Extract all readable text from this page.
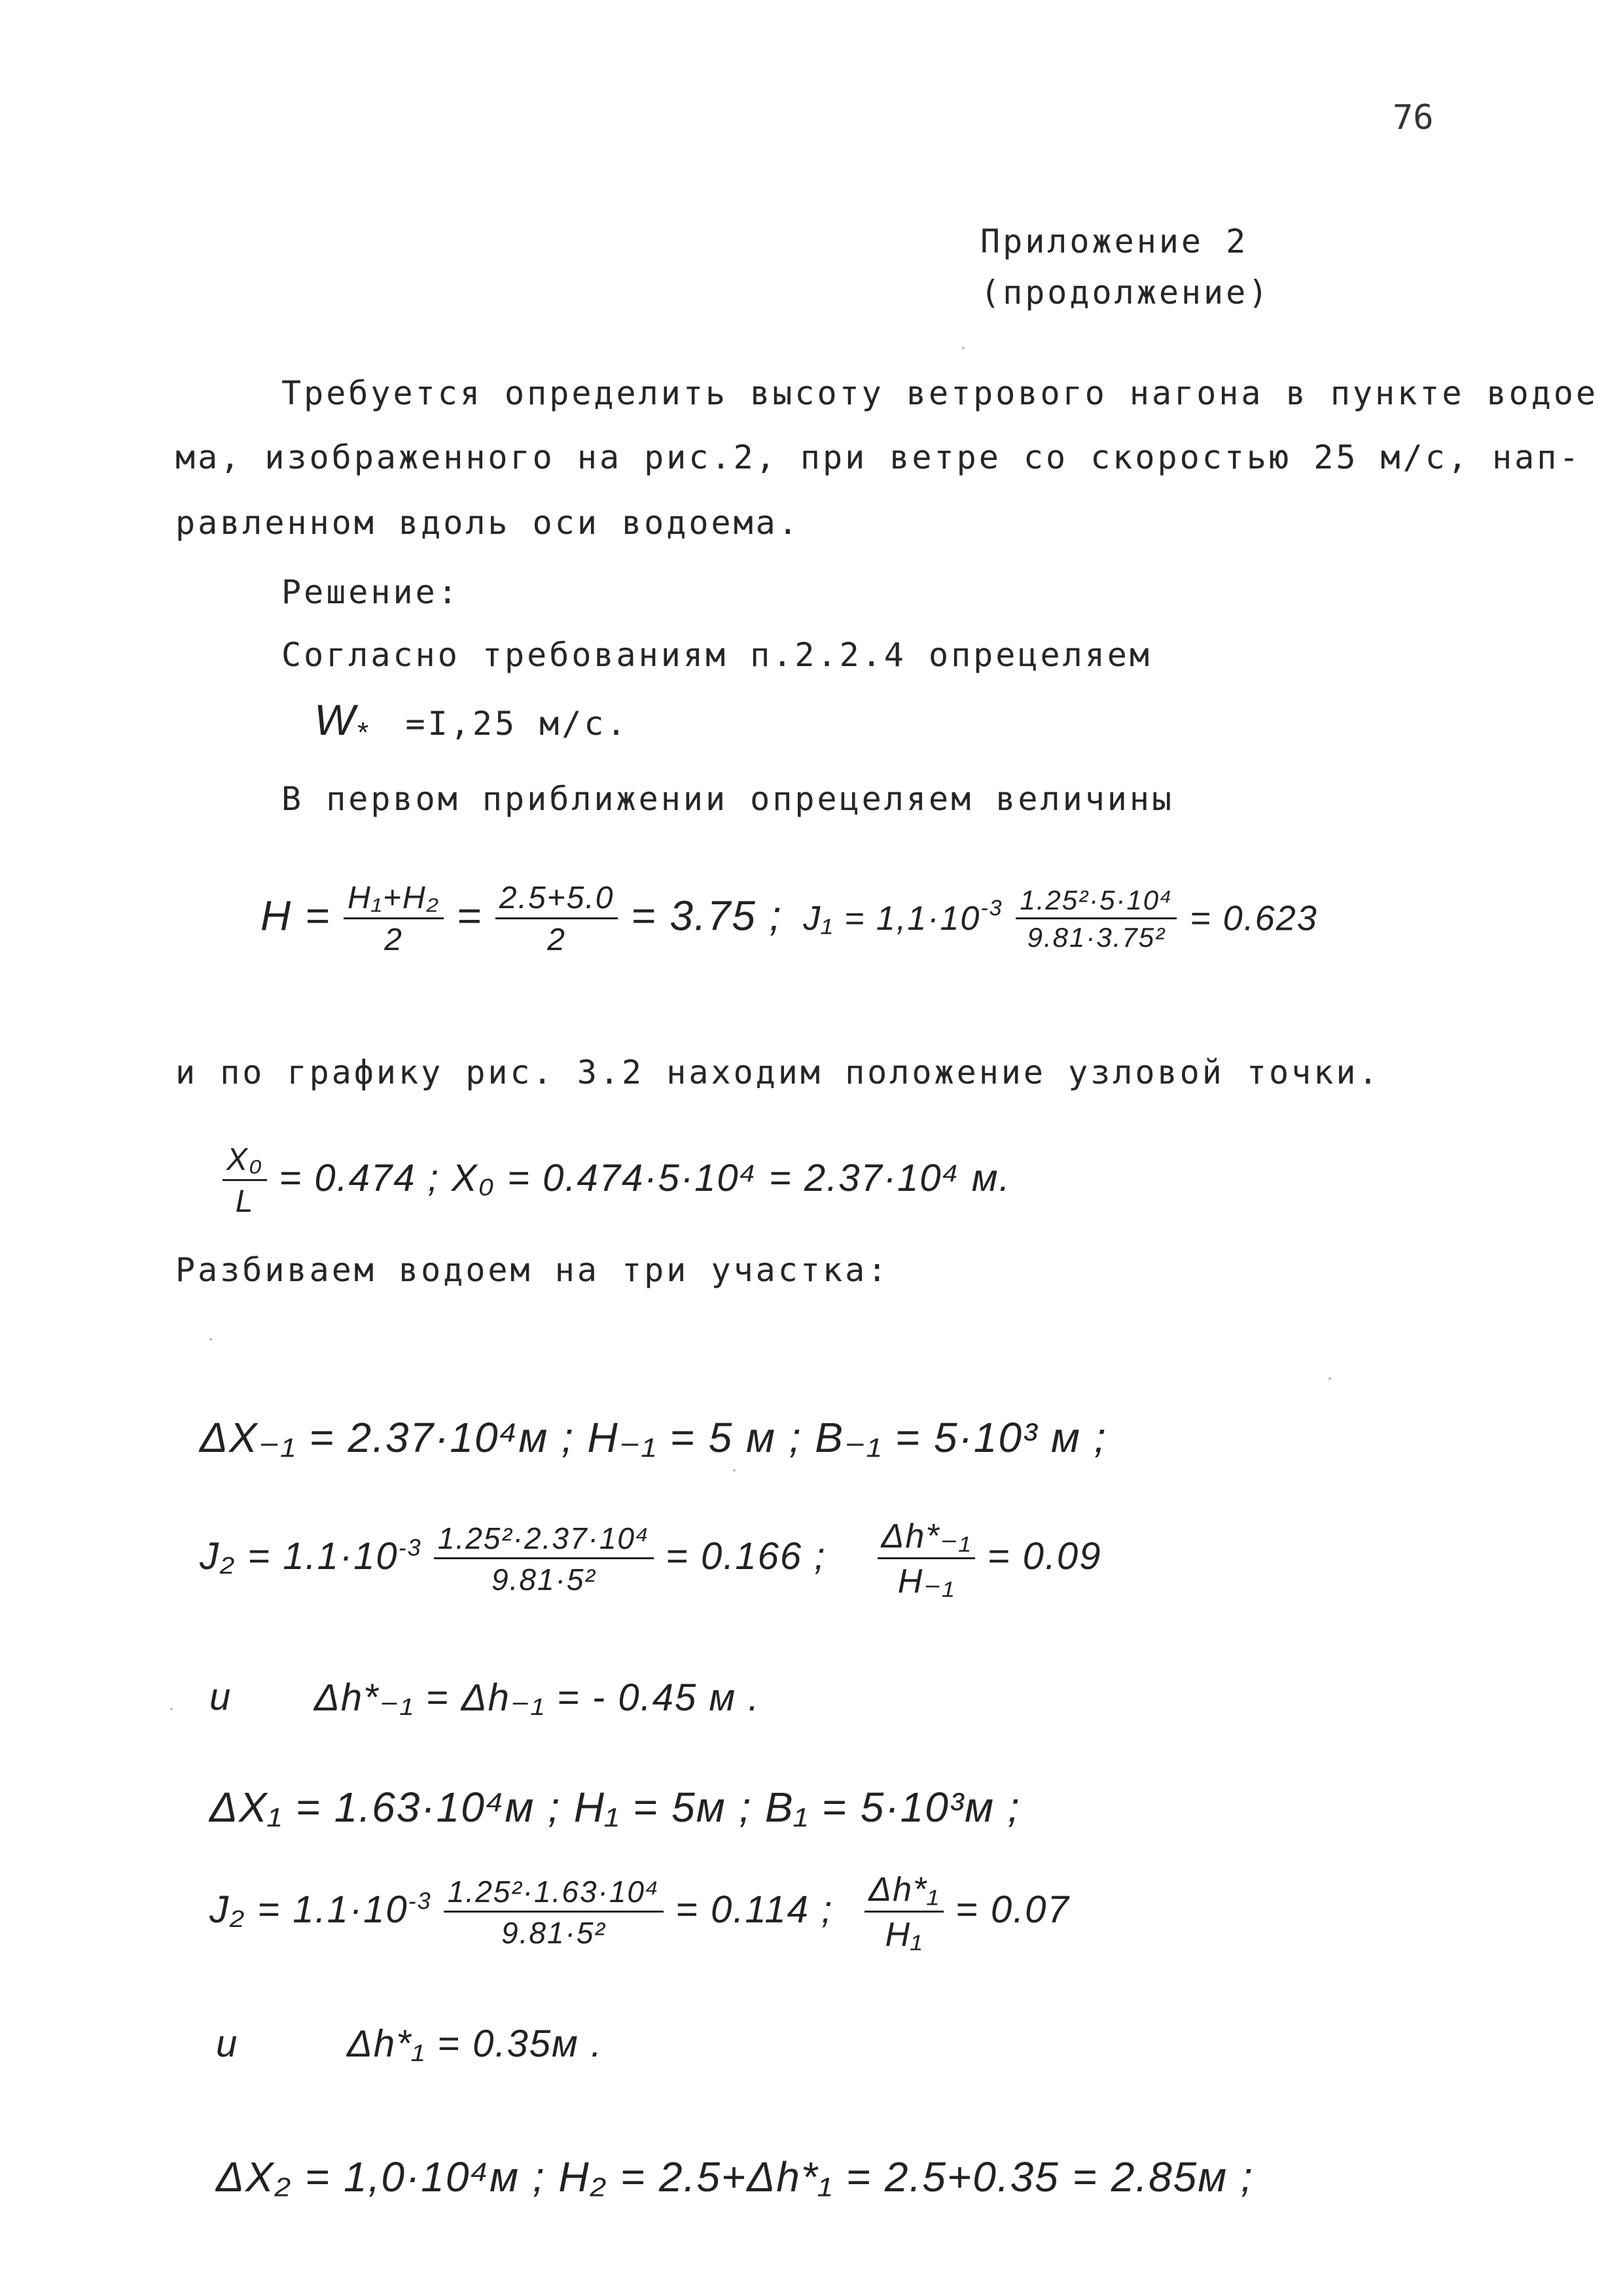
76
Приложение 2
(продолжение)
Требуется определить высоту ветрового нагона в пункте водое
ма, изображенного на рис.2, при ветре со скоростью 25 м/с, нап-
равленном вдоль оси водоема.
Решение:
Согласно требованиям п.2.2.4 опрецеляем
$W_* =I,25$ м/с.
В первом приближении опрецеляем величины
$H = \frac{\text{H₁+H₂}}{2} = \frac{2.5+5.0}{2} = 3.75$ ; $J_1 = 1,1\cdot 10^{-3} \frac{\text{1.25²·5·10⁴}}{\text{9.81·3.75²}} = 0.623$
и по графику рис. 3.2 находим положение узловой точки.
$\frac{\text{X₀}}{L} = 0.474$ ; X₀ = 0.474·5·10⁴ = 2.37·10⁴ м.
Разбиваем водоем на три участка:
ΔX₋₁ = 2.37·10⁴м ; H₋₁ = 5 м ; B₋₁ = 5·10³ м ;
$J_2 = 1.1\cdot 10^{-3} \frac{\text{1.25²·2.37·10⁴}}{\text{9.81·5²}} = 0.166$ ; $\frac{\text{Δh*₋₁}}{\text{H₋₁}} = 0.09$
и Δh*₋₁ = Δh₋₁ = - 0.45 м .
ΔX₁ = 1.63·10⁴м ; H₁ = 5м ; B₁ = 5·10³м ;
$J_2 = 1.1\cdot 10^{-3} \frac{\text{1.25²·1.63·10⁴}}{\text{9.81·5²}} = 0.114$ ; $\frac{\text{Δh*₁}}{\text{H₁}} = 0.07$
и	Δh*₁ = 0.35м .
ΔX₂ = 1,0·10⁴м ; H₂ = 2.5+Δh*₁ = 2.5+0.35 = 2.85м ;
